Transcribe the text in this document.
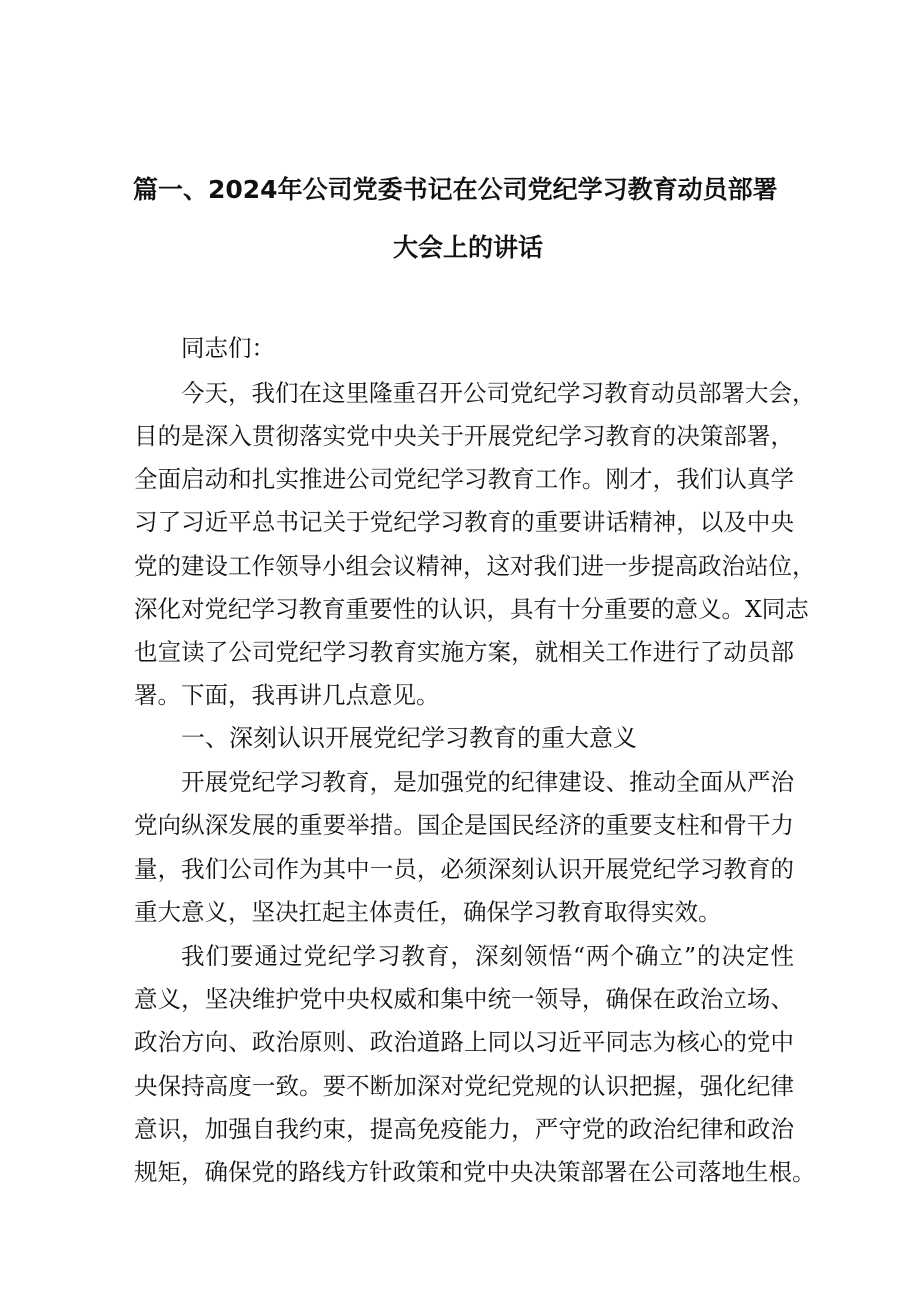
篇一、2024年公司党委书记在公司党纪学习教育动员部署
大会上的讲话
同志们：
今天，我们在这里隆重召开公司党纪学习教育动员部署大会，
目的是深入贯彻落实党中央关于开展党纪学习教育的决策部署，
全面启动和扎实推进公司党纪学习教育工作。刚才，我们认真学
习了习近平总书记关于党纪学习教育的重要讲话精神，以及中央
党的建设工作领导小组会议精神，这对我们进一步提高政治站位，
深化对党纪学习教育重要性的认识，具有十分重要的意义。X同志
也宣读了公司党纪学习教育实施方案，就相关工作进行了动员部
署。下面，我再讲几点意见。
一、深刻认识开展党纪学习教育的重大意义
开展党纪学习教育，是加强党的纪律建设、推动全面从严治
党向纵深发展的重要举措。国企是国民经济的重要支柱和骨干力
量，我们公司作为其中一员，必须深刻认识开展党纪学习教育的
重大意义，坚决扛起主体责任，确保学习教育取得实效。
我们要通过党纪学习教育，深刻领悟“两个确立”的决定性
意义，坚决维护党中央权威和集中统一领导，确保在政治立场、
政治方向、政治原则、政治道路上同以习近平同志为核心的党中
央保持高度一致。要不断加深对党纪党规的认识把握，强化纪律
意识，加强自我约束，提高免疫能力，严守党的政治纪律和政治
规矩，确保党的路线方针政策和党中央决策部署在公司落地生根。
